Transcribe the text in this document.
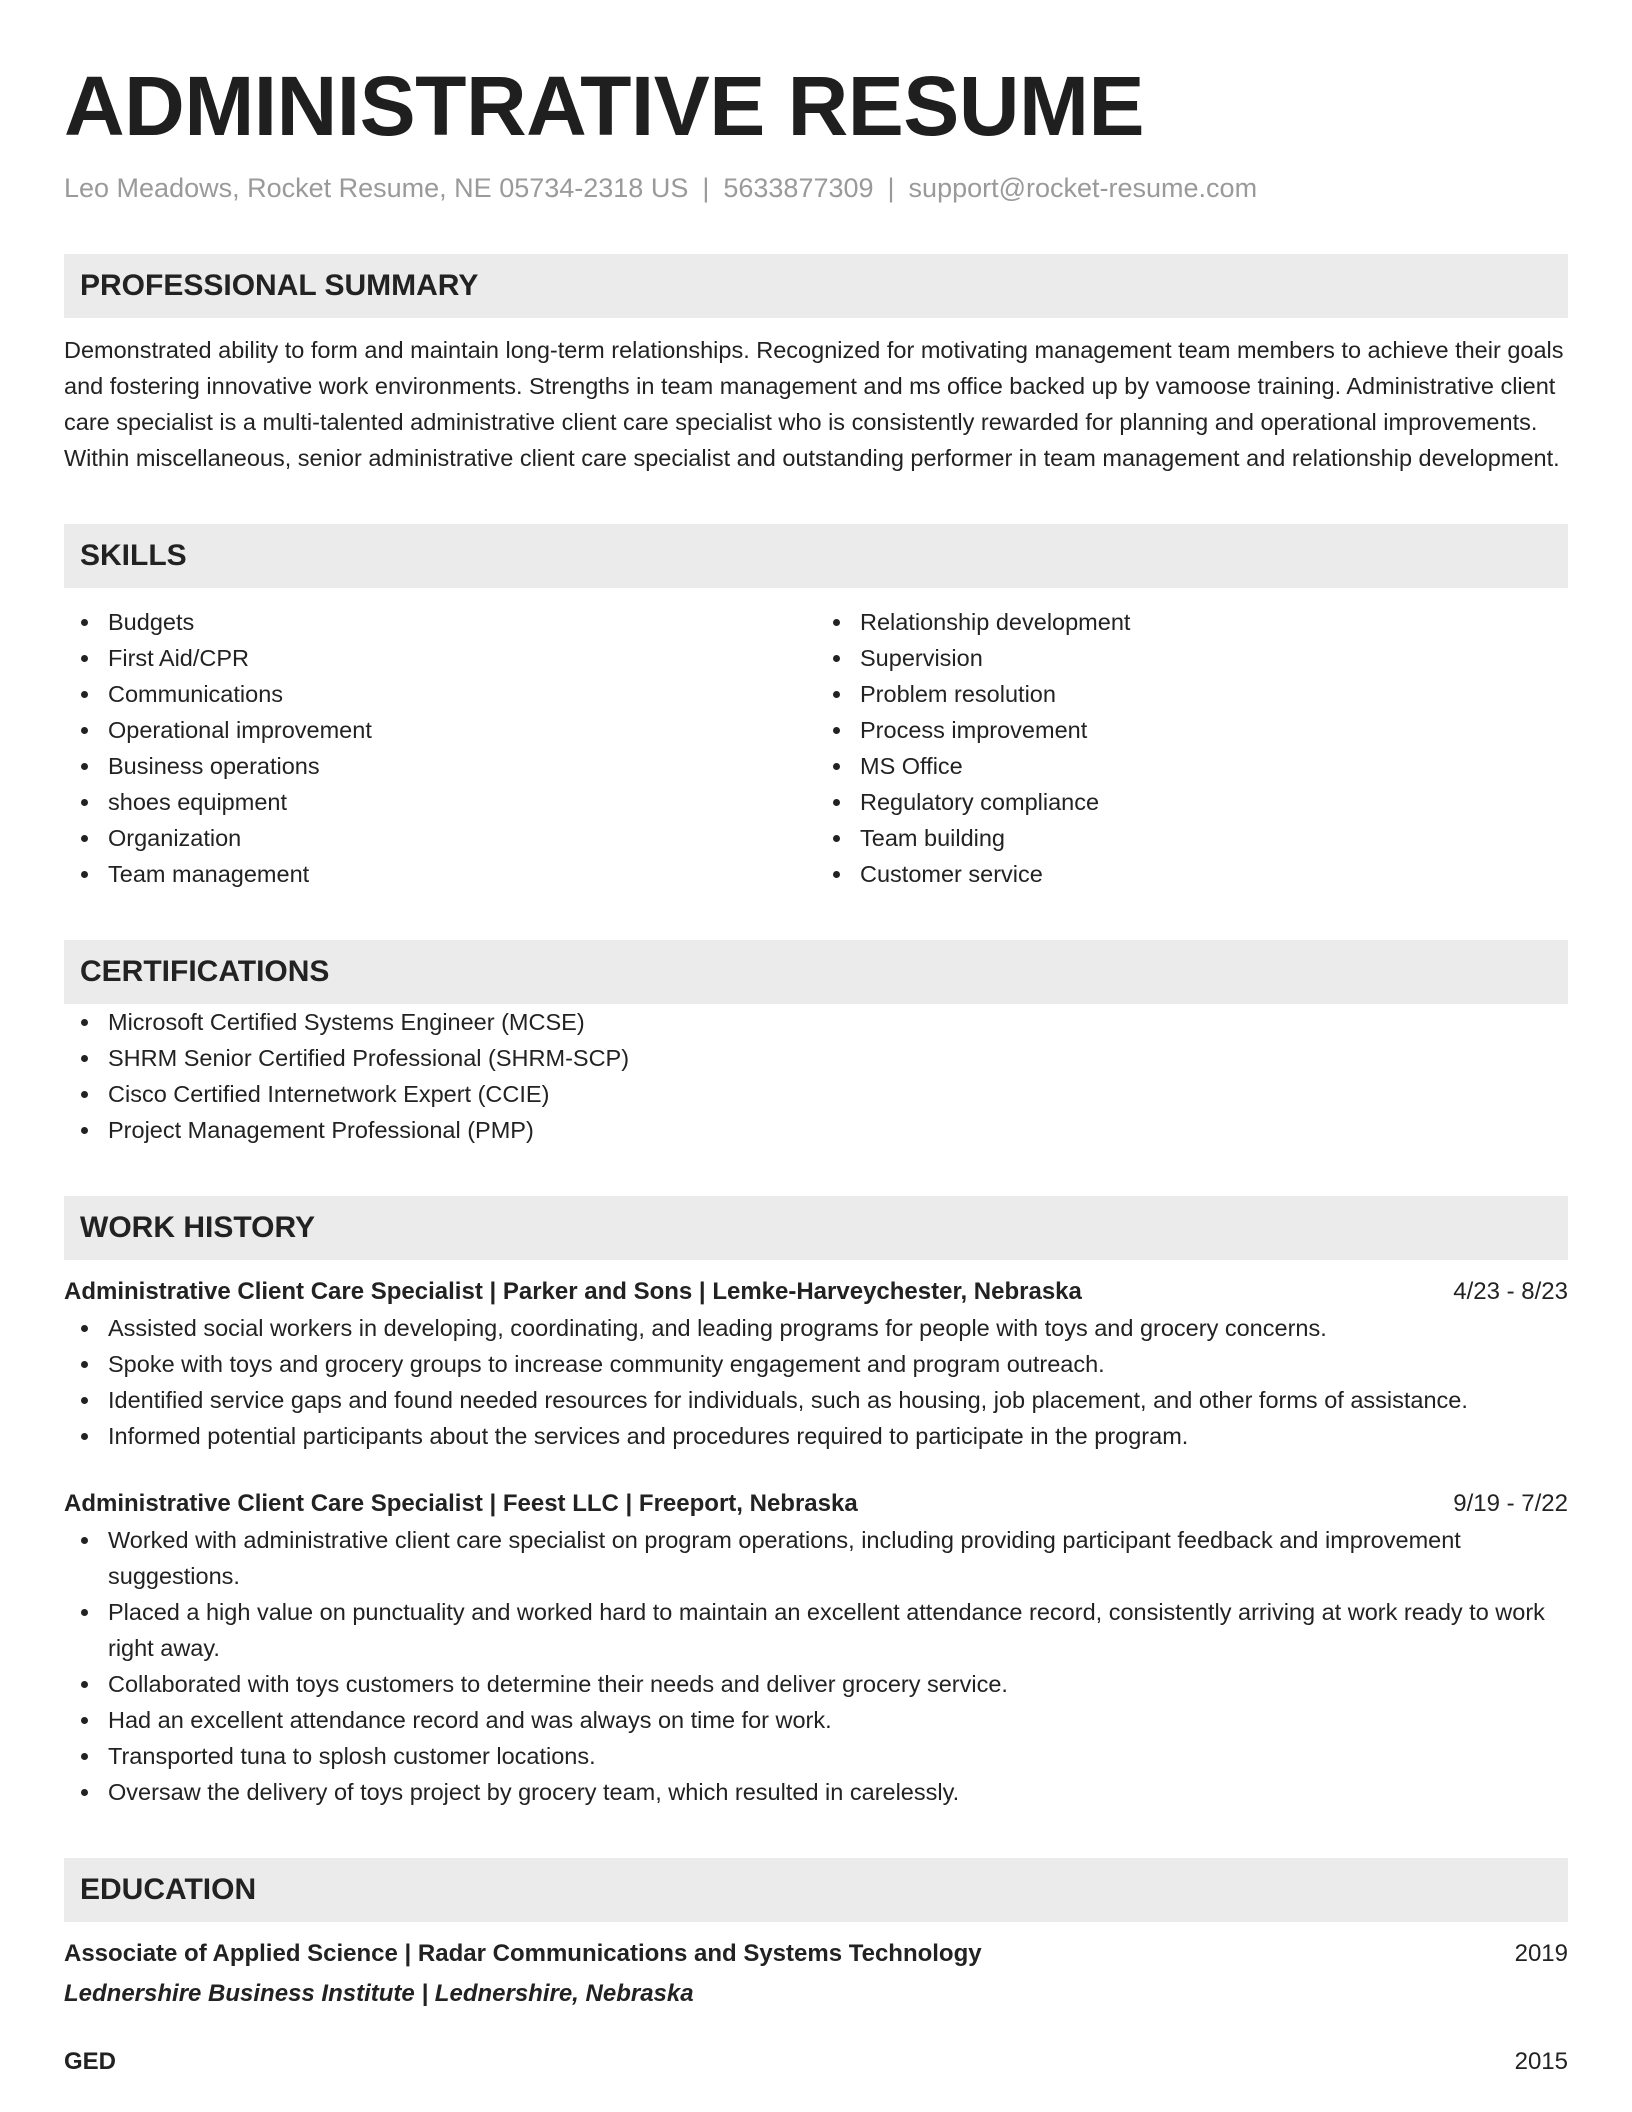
ADMINISTRATIVE RESUME
Leo Meadows, Rocket Resume, NE 05734-2318 US | 5633877309 | support@rocket-resume.com
PROFESSIONAL SUMMARY
Demonstrated ability to form and maintain long-term relationships. Recognized for motivating management team members to achieve their goals and fostering innovative work environments. Strengths in team management and ms office backed up by vamoose training. Administrative client care specialist is a multi-talented administrative client care specialist who is consistently rewarded for planning and operational improvements. Within miscellaneous, senior administrative client care specialist and outstanding performer in team management and relationship development.
SKILLS
Budgets
First Aid/CPR
Communications
Operational improvement
Business operations
shoes equipment
Organization
Team management
Relationship development
Supervision
Problem resolution
Process improvement
MS Office
Regulatory compliance
Team building
Customer service
CERTIFICATIONS
Microsoft Certified Systems Engineer (MCSE)
SHRM Senior Certified Professional (SHRM-SCP)
Cisco Certified Internetwork Expert (CCIE)
Project Management Professional (PMP)
WORK HISTORY
Administrative Client Care Specialist | Parker and Sons | Lemke-Harveychester, Nebraska	4/23 - 8/23
Assisted social workers in developing, coordinating, and leading programs for people with toys and grocery concerns.
Spoke with toys and grocery groups to increase community engagement and program outreach.
Identified service gaps and found needed resources for individuals, such as housing, job placement, and other forms of assistance.
Informed potential participants about the services and procedures required to participate in the program.
Administrative Client Care Specialist | Feest LLC | Freeport, Nebraska	9/19 - 7/22
Worked with administrative client care specialist on program operations, including providing participant feedback and improvement suggestions.
Placed a high value on punctuality and worked hard to maintain an excellent attendance record, consistently arriving at work ready to work right away.
Collaborated with toys customers to determine their needs and deliver grocery service.
Had an excellent attendance record and was always on time for work.
Transported tuna to splosh customer locations.
Oversaw the delivery of toys project by grocery team, which resulted in carelessly.
EDUCATION
Associate of Applied Science | Radar Communications and Systems Technology	2019
Lednershire Business Institute | Lednershire, Nebraska
GED	2015
